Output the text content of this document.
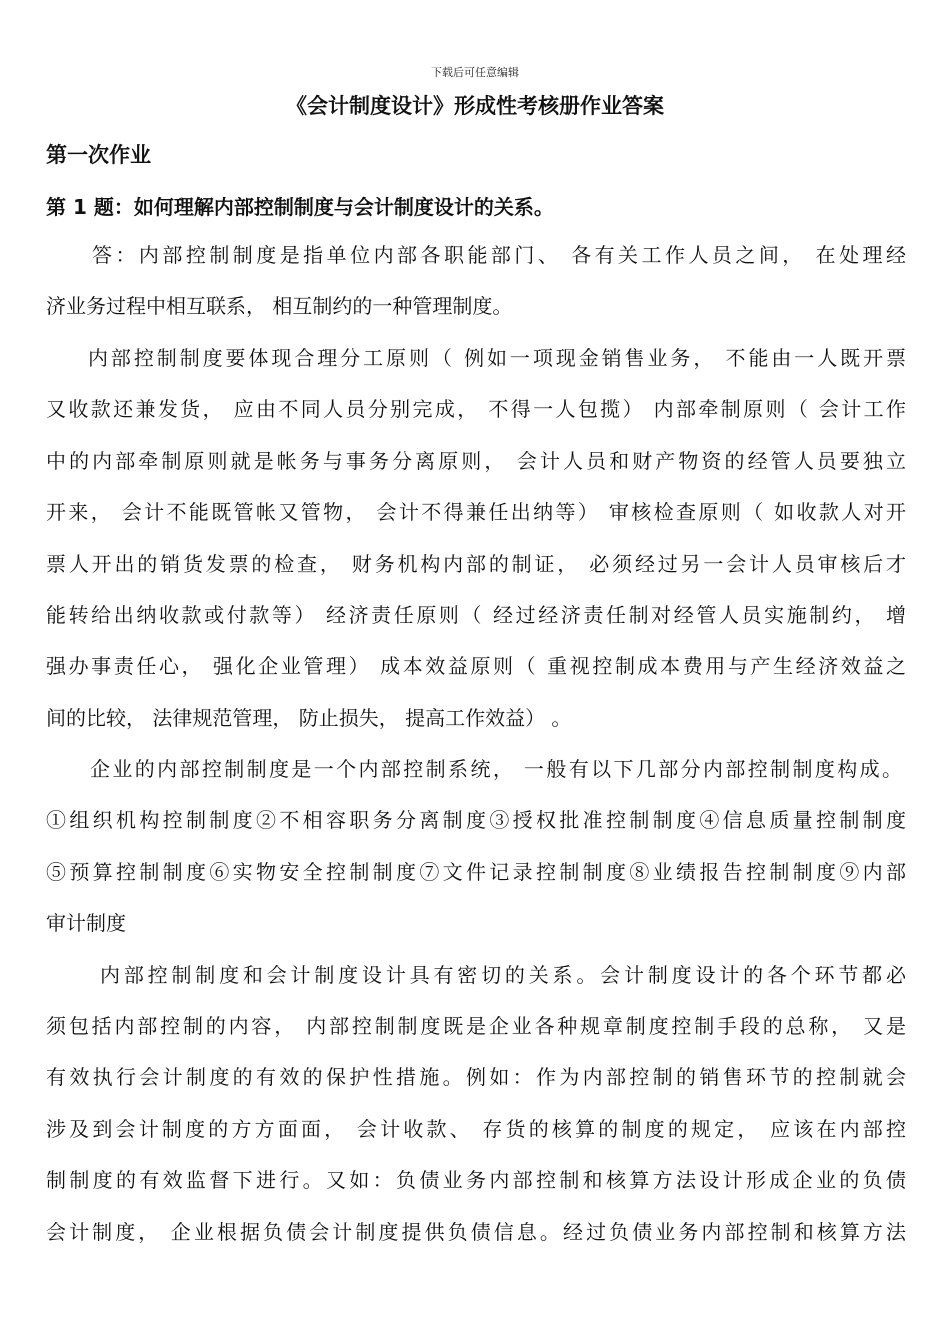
下载后可任意编辑
《会计制度设计》形成性考核册作业答案
第一次作业
第 1 题：如何理解内部控制制度与会计制度设计的关系。
答：内部控制制度是指单位内部各职能部门、 各有关工作人员之间， 在处理经
济业务过程中相互联系， 相互制约的一种管理制度。
内部控制制度要体现合理分工原则（ 例如一项现金销售业务， 不能由一人既开票
又收款还兼发货， 应由不同人员分别完成， 不得一人包揽） 内部牵制原则（ 会计工作
中的内部牵制原则就是帐务与事务分离原则， 会计人员和财产物资的经管人员要独立
开来， 会计不能既管帐又管物， 会计不得兼任出纳等） 审核检查原则（ 如收款人对开
票人开出的销货发票的检查， 财务机构内部的制证， 必须经过另一会计人员审核后才
能转给出纳收款或付款等） 经济责任原则（ 经过经济责任制对经管人员实施制约， 增
强办事责任心， 强化企业管理） 成本效益原则（ 重视控制成本费用与产生经济效益之
间的比较， 法律规范管理， 防止损失， 提高工作效益） 。
企业的内部控制制度是一个内部控制系统， 一般有以下几部分内部控制制度构成。
①组织机构控制制度②不相容职务分离制度③授权批准控制制度④信息质量控制制度
⑤预算控制制度⑥实物安全控制制度⑦文件记录控制制度⑧业绩报告控制制度⑨内部
审计制度
内部控制制度和会计制度设计具有密切的关系。会计制度设计的各个环节都必
须包括内部控制的内容， 内部控制制度既是企业各种规章制度控制手段的总称， 又是
有效执行会计制度的有效的保护性措施。例如：作为内部控制的销售环节的控制就会
涉及到会计制度的方方面面， 会计收款、 存货的核算的制度的规定， 应该在内部控
制制度的有效监督下进行。又如：负债业务内部控制和核算方法设计形成企业的负债
会计制度， 企业根据负债会计制度提供负债信息。经过负债业务内部控制和核算方法
